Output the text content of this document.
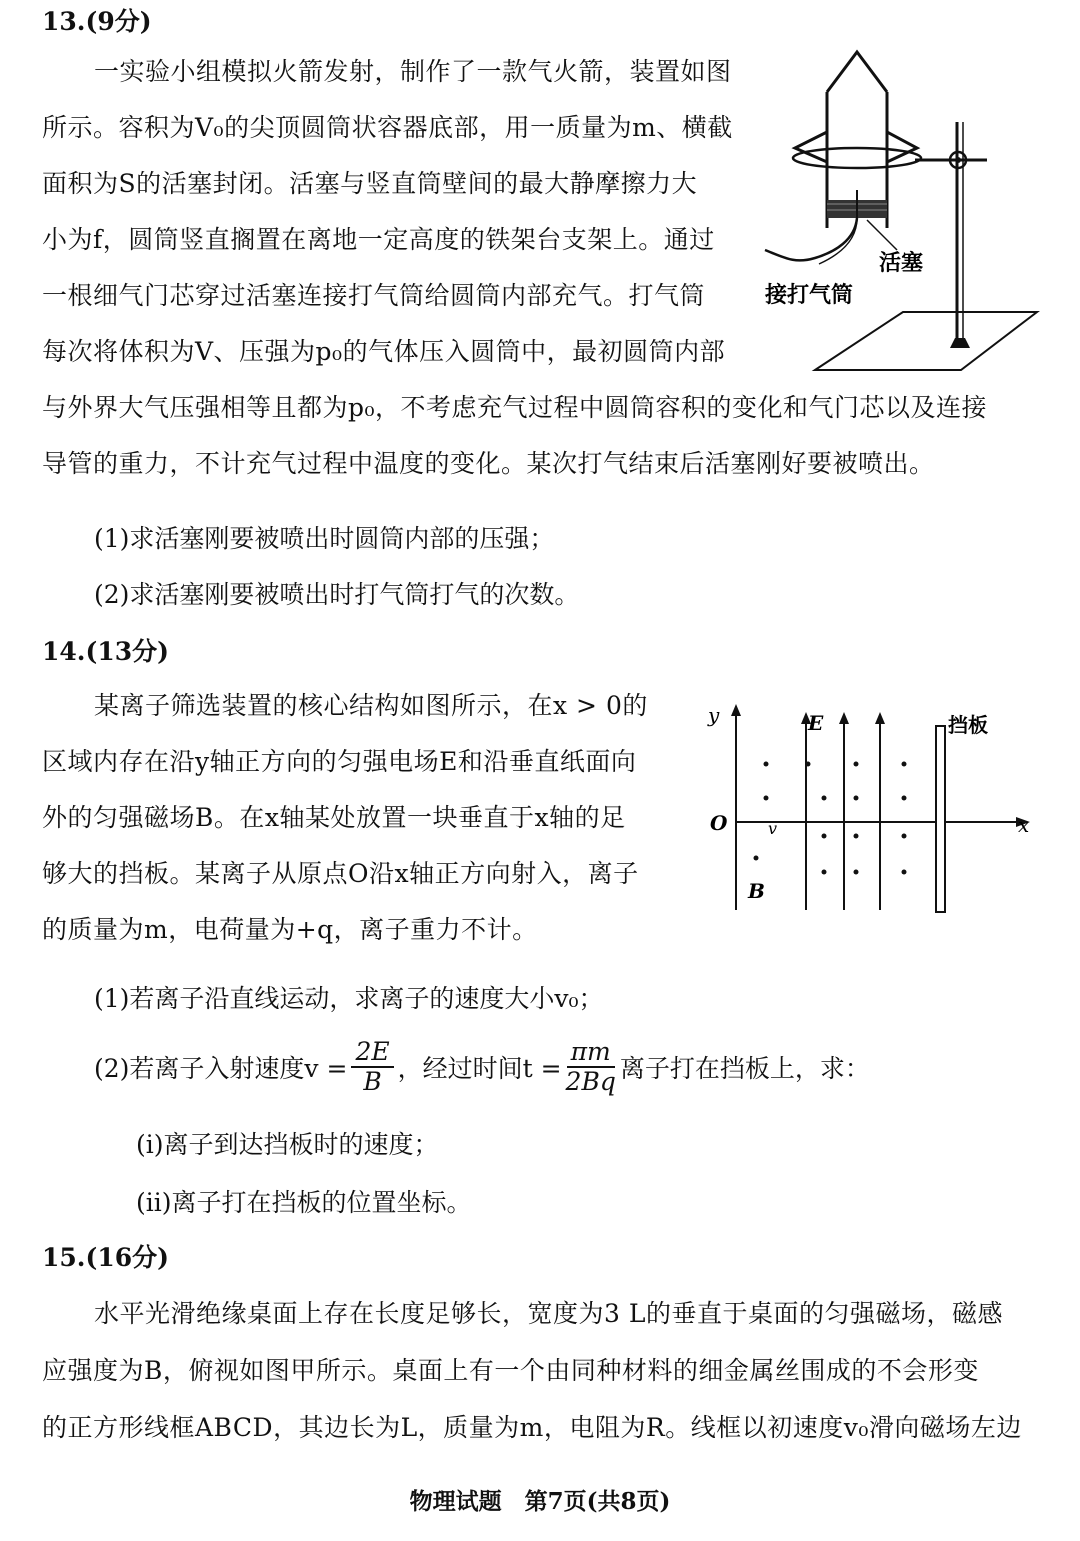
13.(9分)

一实验小组模拟火箭发射，制作了一款气火箭，装置如图

所示。容积为V₀的尖顶圆筒状容器底部，用一质量为m、横截

面积为S的活塞封闭。活塞与竖直筒壁间的最大静摩擦力大

小为f，圆筒竖直搁置在离地一定高度的铁架台支架上。通过

一根细气门芯穿过活塞连接打气筒给圆筒内部充气。打气筒

每次将体积为V、压强为p₀的气体压入圆筒中，最初圆筒内部

与外界大气压强相等且都为p₀，不考虑充气过程中圆筒容积的变化和气门芯以及连接

导管的重力，不计充气过程中温度的变化。某次打气结束后活塞刚好要被喷出。

(1)求活塞刚要被喷出时圆筒内部的压强；
(2)求活塞刚要被喷出时打气筒打气的次数。
活塞
接打气筒
14.(13分)

某离子筛选装置的核心结构如图所示，在x > 0的

区域内存在沿y轴正方向的匀强电场E和沿垂直纸面向

外的匀强磁场B。在x轴某处放置一块垂直于x轴的足

够大的挡板。某离子从原点O沿x轴正方向射入，离子

的质量为m，电荷量为+q，离子重力不计。

(1)若离子沿直线运动，求离子的速度大小v₀；
(2)若离子入射速度$v = \frac{2E}{B}$ ，经过时间$t = \frac{\pi m}{2Bq}$ 离子打在挡板上，求：
(i)离子到达挡板时的速度；
(ii)离子打在挡板的位置坐标。
y
x
O
E
v
B
挡板
15.(16分)

水平光滑绝缘桌面上存在长度足够长，宽度为3 L的垂直于桌面的匀强磁场，磁感

应强度为B，俯视如图甲所示。桌面上有一个由同种材料的细金属丝围成的不会形变

的正方形线框ABCD，其边长为L，质量为m，电阻为R。线框以初速度v₀滑向磁场左边

物理试题　第7页(共8页)
